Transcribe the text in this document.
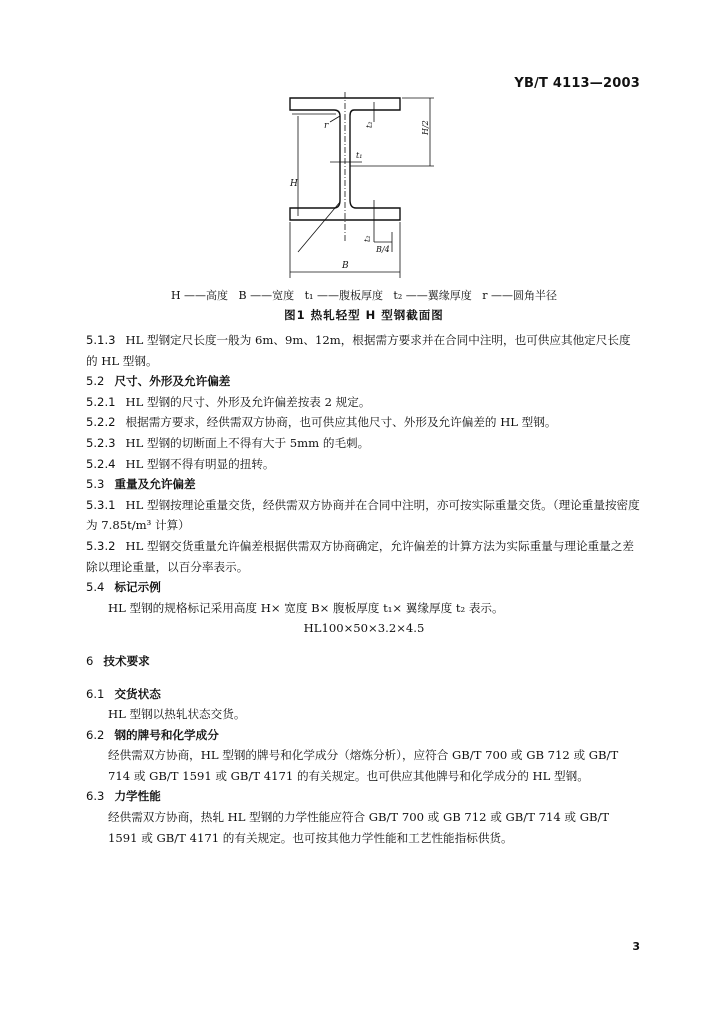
YB/T 4113—2003
H
H/2
t₂
t₁
t₂
B/4
B
r
H ——高度   B ——宽度   t₁ ——腹板厚度   t₂ ——翼缘厚度   r ——圆角半径
图1 热轧轻型 H 型钢截面图

5.1.3 HL 型钢定尺长度一般为 6m、9m、12m，根据需方要求并在合同中注明，也可供应其他定尺长度的 HL 型钢。

5.2 尺寸、外形及允许偏差

5.2.1 HL 型钢的尺寸、外形及允许偏差按表 2 规定。

5.2.2 根据需方要求，经供需双方协商，也可供应其他尺寸、外形及允许偏差的 HL 型钢。

5.2.3 HL 型钢的切断面上不得有大于 5mm 的毛刺。

5.2.4 HL 型钢不得有明显的扭转。

5.3 重量及允许偏差

5.3.1 HL 型钢按理论重量交货，经供需双方协商并在合同中注明，亦可按实际重量交货。（理论重量按密度为 7.85t/m³ 计算）

5.3.2 HL 型钢交货重量允许偏差根据供需双方协商确定，允许偏差的计算方法为实际重量与理论重量之差除以理论重量，以百分率表示。

5.4 标记示例

HL 型钢的规格标记采用高度 H× 宽度 B× 腹板厚度 t₁× 翼缘厚度 t₂ 表示。

HL100×50×3.2×4.5

6 技术要求

6.1 交货状态

HL 型钢以热轧状态交货。

6.2 钢的牌号和化学成分

经供需双方协商，HL 型钢的牌号和化学成分（熔炼分析），应符合 GB/T 700 或 GB 712 或 GB/T 714 或 GB/T 1591 或 GB/T 4171 的有关规定。也可供应其他牌号和化学成分的 HL 型钢。

6.3 力学性能

经供需双方协商，热轧 HL 型钢的力学性能应符合 GB/T 700 或 GB 712 或 GB/T 714 或 GB/T 1591 或 GB/T 4171 的有关规定。也可按其他力学性能和工艺性能指标供货。

3
